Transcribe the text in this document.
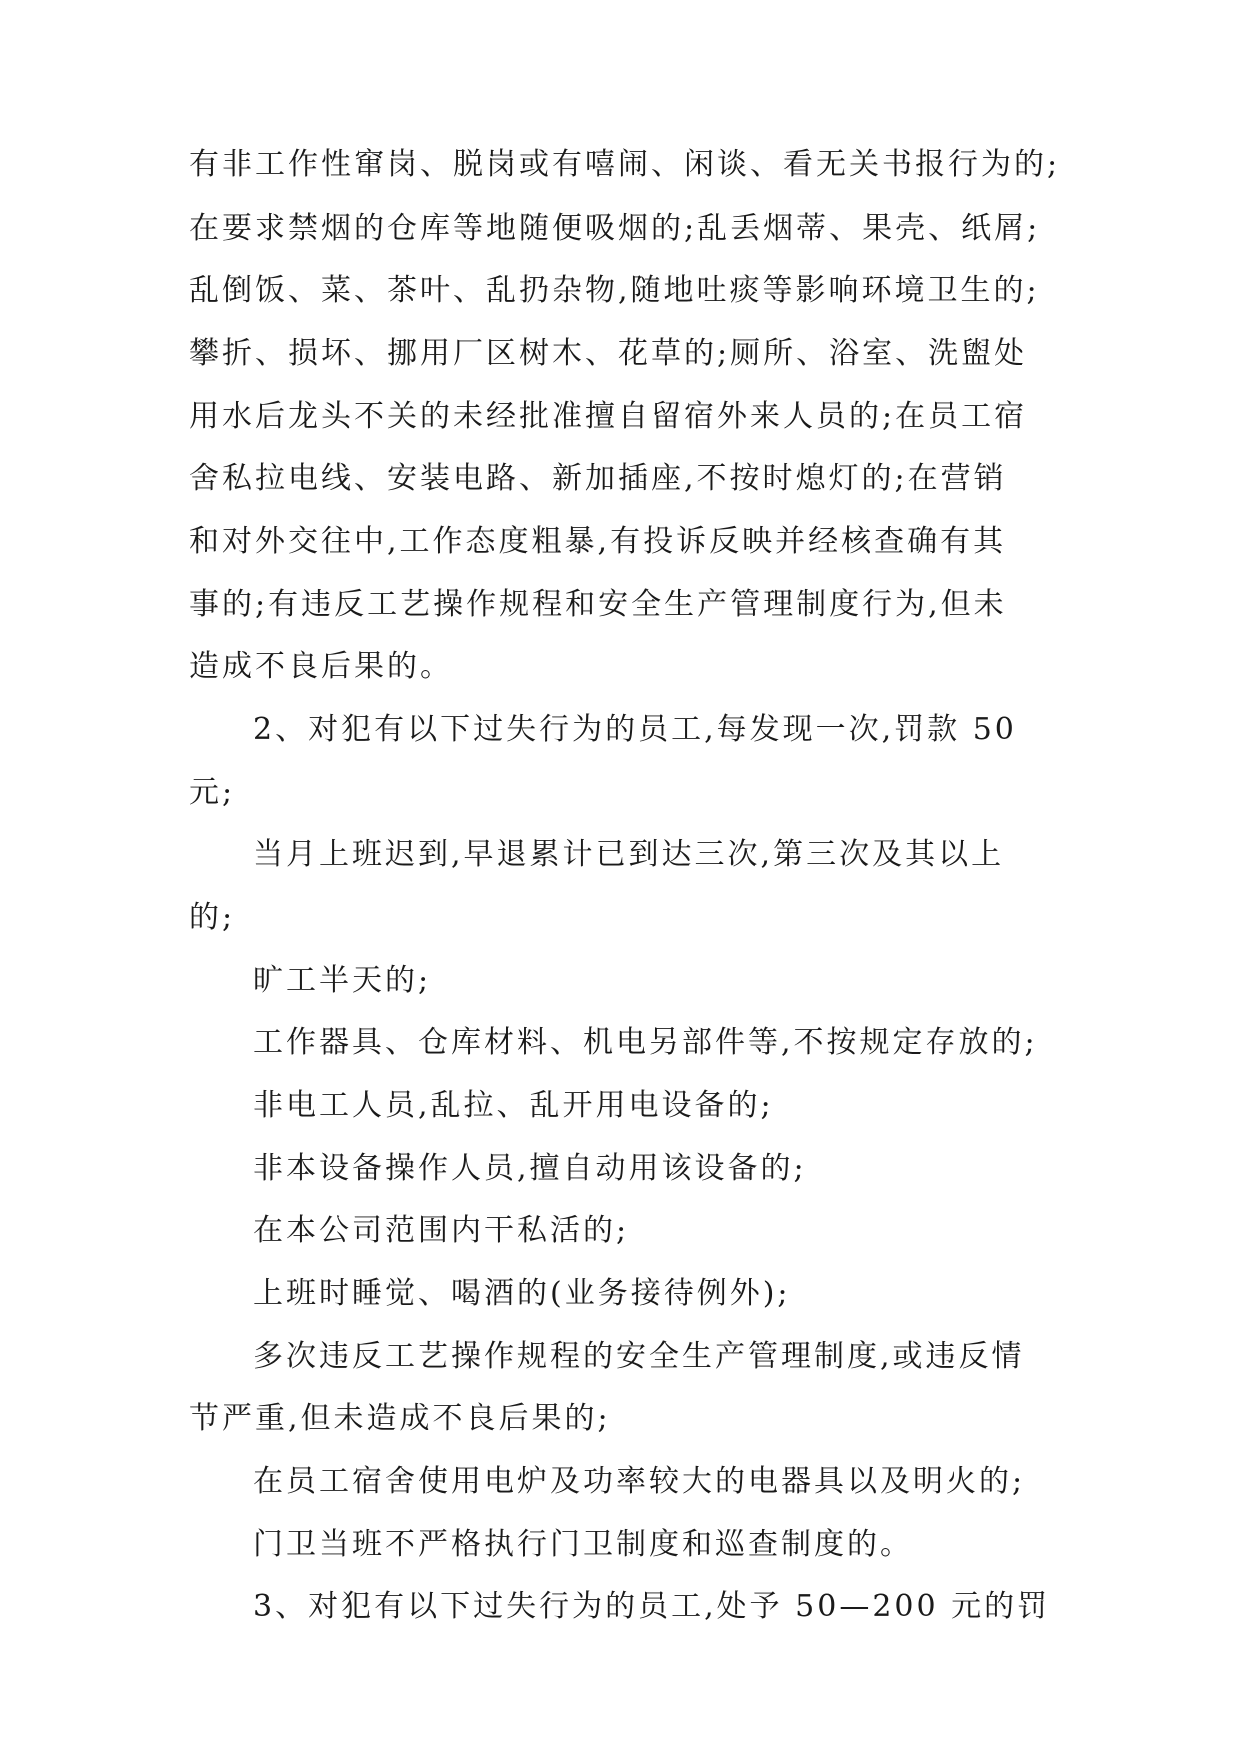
有非工作性窜岗、脱岗或有嘻闹、闲谈、看无关书报行为的;
在要求禁烟的仓库等地随便吸烟的;乱丢烟蒂、果壳、纸屑;
乱倒饭、菜、茶叶、乱扔杂物,随地吐痰等影响环境卫生的;
攀折、损坏、挪用厂区树木、花草的;厕所、浴室、洗盥处
用水后龙头不关的未经批准擅自留宿外来人员的;在员工宿
舍私拉电线、安装电路、新加插座,不按时熄灯的;在营销
和对外交往中,工作态度粗暴,有投诉反映并经核查确有其
事的;有违反工艺操作规程和安全生产管理制度行为,但未
造成不良后果的。
2、对犯有以下过失行为的员工,每发现一次,罚款 50
元;
当月上班迟到,早退累计已到达三次,第三次及其以上
的;
旷工半天的;
工作器具、仓库材料、机电另部件等,不按规定存放的;
非电工人员,乱拉、乱开用电设备的;
非本设备操作人员,擅自动用该设备的;
在本公司范围内干私活的;
上班时睡觉、喝酒的(业务接待例外);
多次违反工艺操作规程的安全生产管理制度,或违反情
节严重,但未造成不良后果的;
在员工宿舍使用电炉及功率较大的电器具以及明火的;
门卫当班不严格执行门卫制度和巡查制度的。
3、对犯有以下过失行为的员工,处予 50—200 元的罚
